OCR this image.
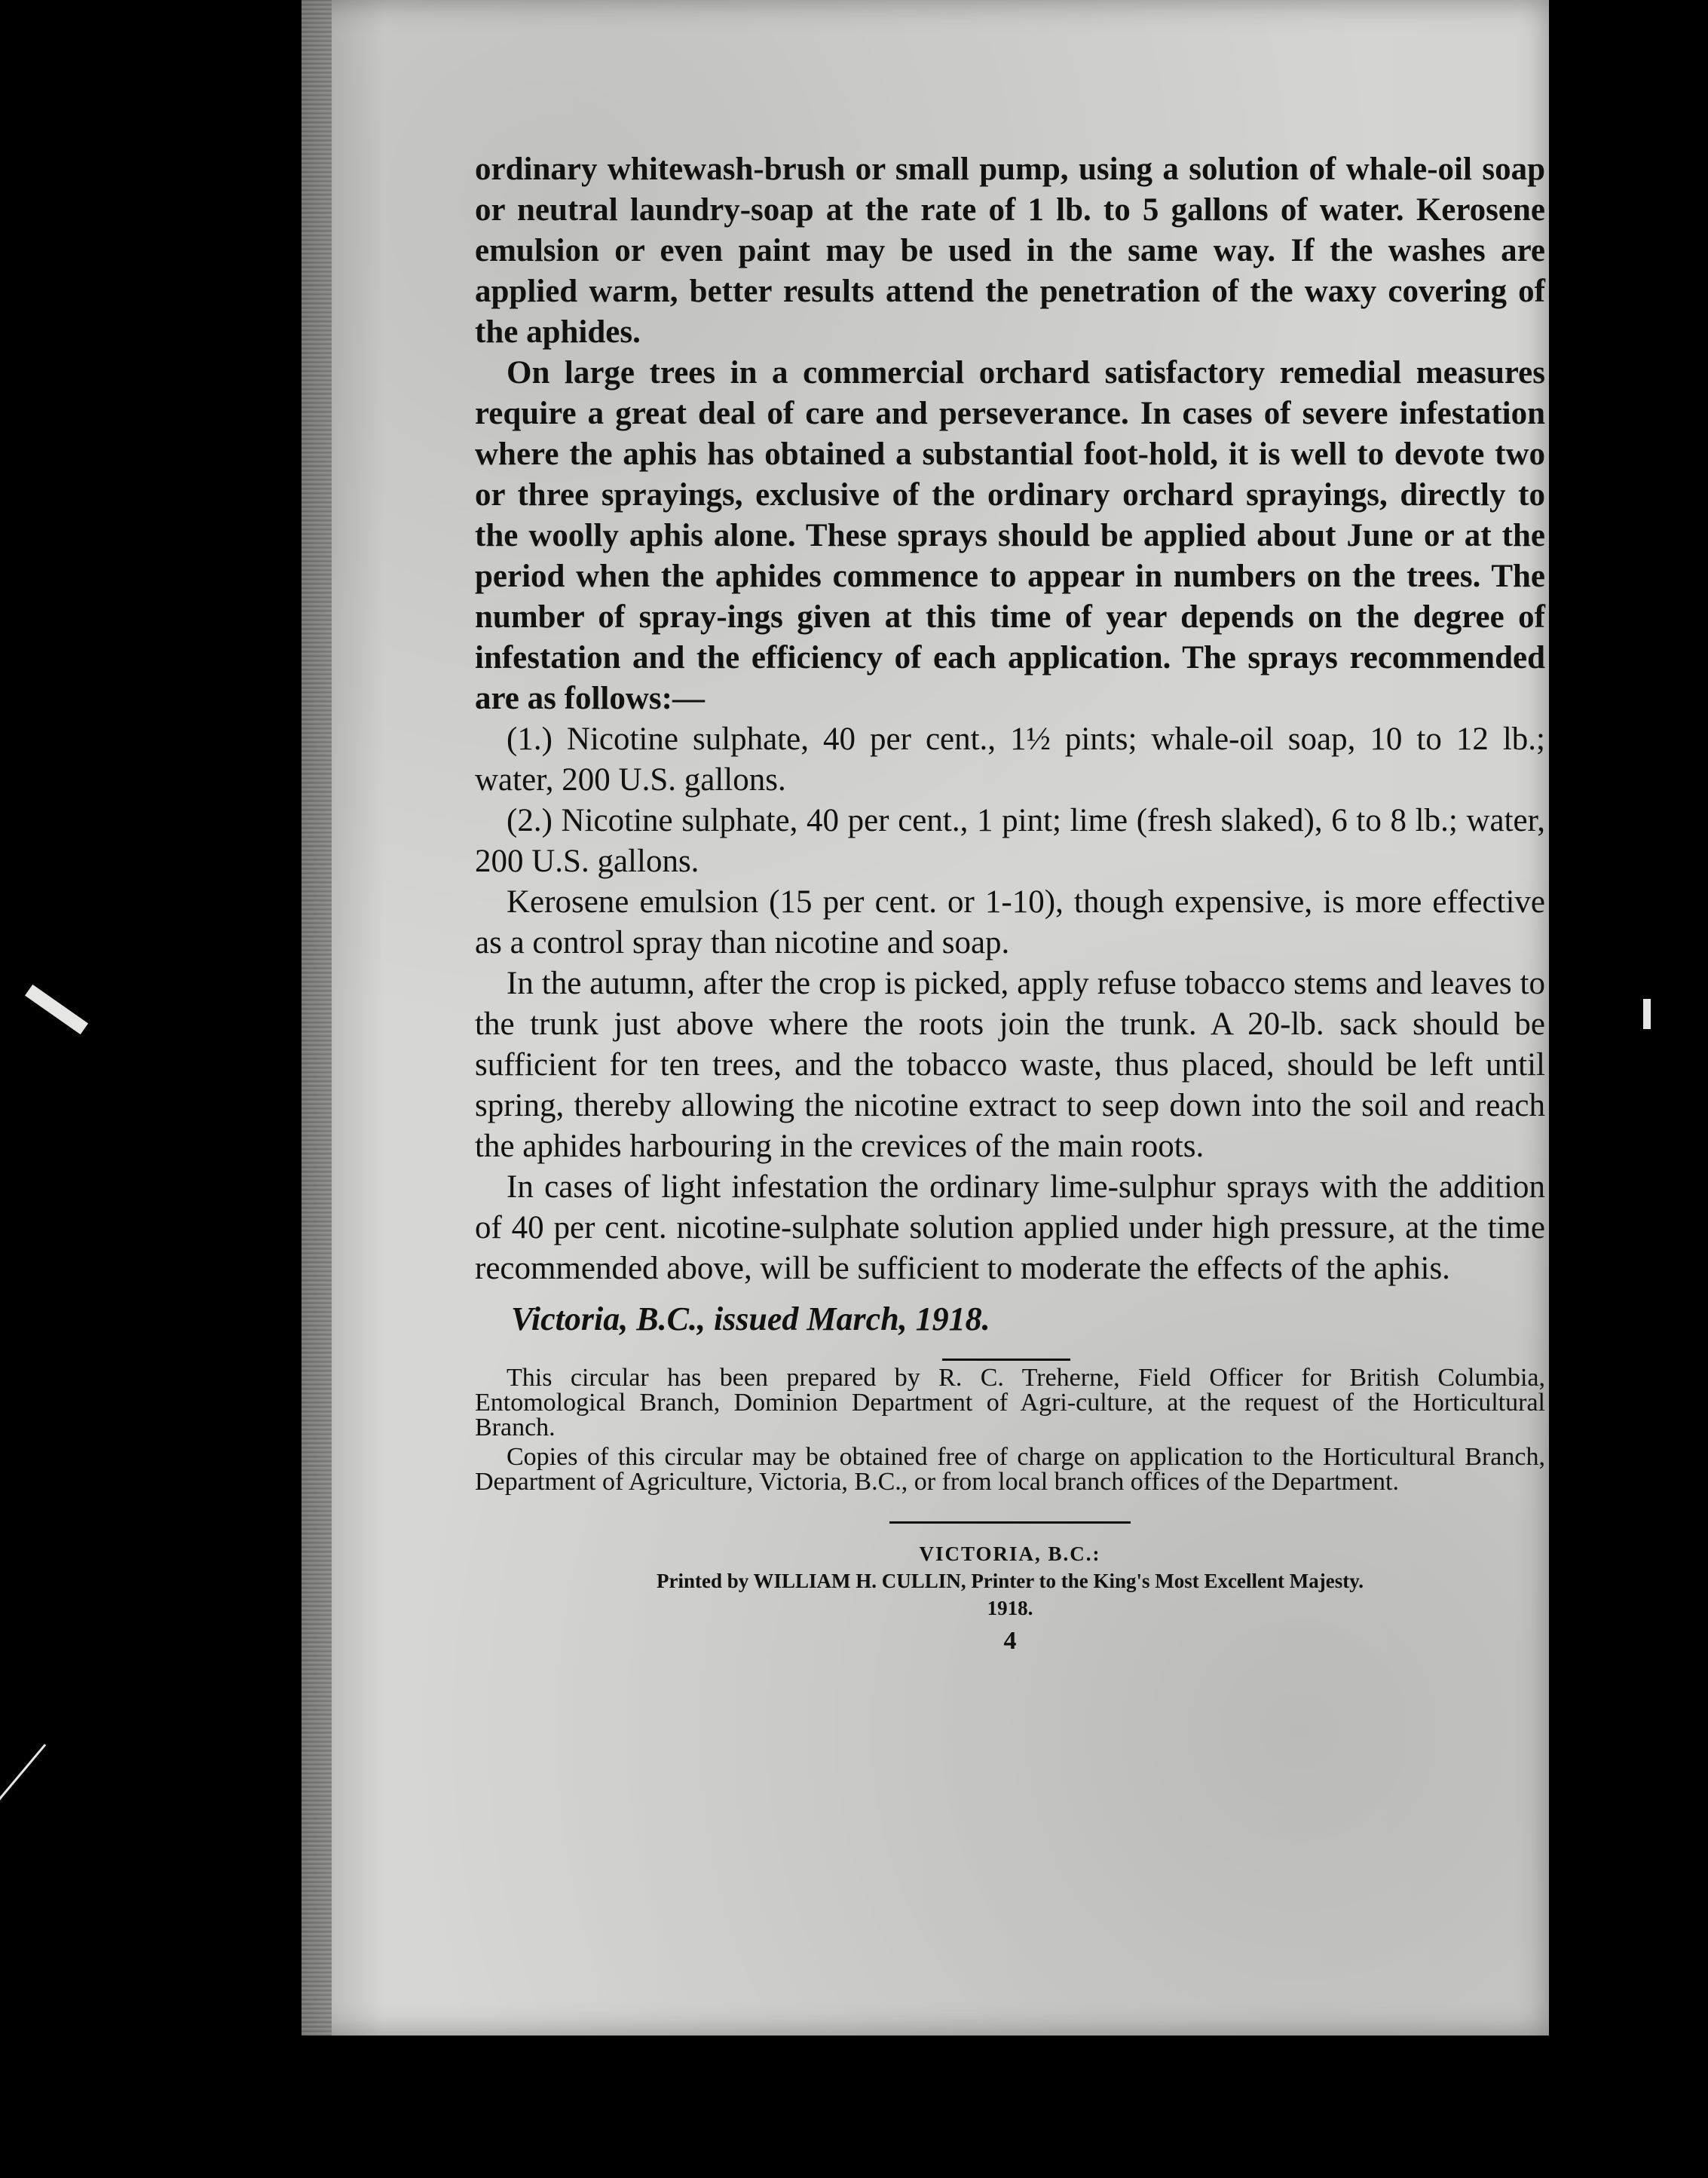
ordinary whitewash-brush or small pump, using a solution of whale-oil soap or neutral laundry-soap at the rate of 1 lb. to 5 gallons of water. Kerosene emulsion or even paint may be used in the same way. If the washes are applied warm, better results attend the penetration of the waxy covering of the aphides.

On large trees in a commercial orchard satisfactory remedial measures require a great deal of care and perseverance. In cases of severe infestation where the aphis has obtained a substantial foot-hold, it is well to devote two or three sprayings, exclusive of the ordinary orchard sprayings, directly to the woolly aphis alone. These sprays should be applied about June or at the period when the aphides commence to appear in numbers on the trees. The number of spray-ings given at this time of year depends on the degree of infestation and the efficiency of each application. The sprays recommended are as follows:—

(1.) Nicotine sulphate, 40 per cent., 1½ pints; whale-oil soap, 10 to 12 lb.; water, 200 U.S. gallons.

(2.) Nicotine sulphate, 40 per cent., 1 pint; lime (fresh slaked), 6 to 8 lb.; water, 200 U.S. gallons.

Kerosene emulsion (15 per cent. or 1-10), though expensive, is more effective as a control spray than nicotine and soap.

In the autumn, after the crop is picked, apply refuse tobacco stems and leaves to the trunk just above where the roots join the trunk. A 20-lb. sack should be sufficient for ten trees, and the tobacco waste, thus placed, should be left until spring, thereby allowing the nicotine extract to seep down into the soil and reach the aphides harbouring in the crevices of the main roots.

In cases of light infestation the ordinary lime-sulphur sprays with the addition of 40 per cent. nicotine-sulphate solution applied under high pressure, at the time recommended above, will be sufficient to moderate the effects of the aphis.

Victoria, B.C., issued March, 1918.

This circular has been prepared by R. C. Treherne, Field Officer for British Columbia, Entomological Branch, Dominion Department of Agri-culture, at the request of the Horticultural Branch.

Copies of this circular may be obtained free of charge on application to the Horticultural Branch, Department of Agriculture, Victoria, B.C., or from local branch offices of the Department.

VICTORIA, B.C.:

Printed by WILLIAM H. CULLIN, Printer to the King's Most Excellent Majesty.

1918.

4
